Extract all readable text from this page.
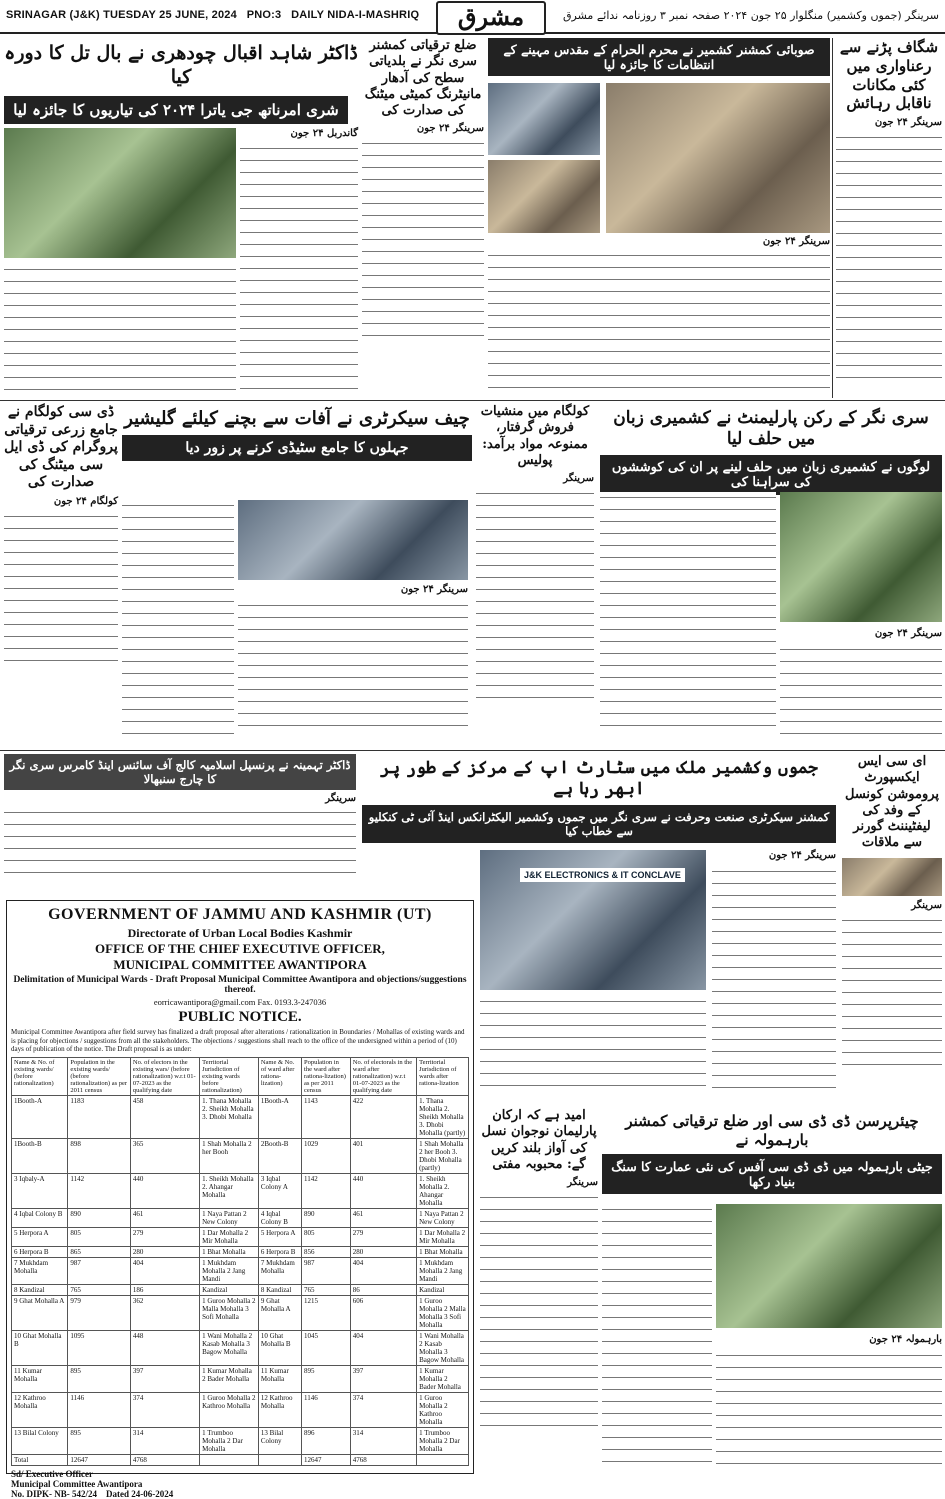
SRINAGAR (J&K) TUESDAY 25 JUNE, 2024 PNO:3 DAILY NIDA-I-MASHRIQ	مشرق	سرینگر (جموں وکشمیر) منگلوار ۲۵ جون ۲۰۲۴ صفحہ نمبر ۳ روزنامہ ندائے مشرق
شگاف پڑنے سے رعناواری میں کئی مکانات ناقابل رہائش
سرینگر ۲۴ جون
صوبائی کمشنر کشمیر نے محرم الحرام کے مقدس مہینے کے انتظامات کا جائزہ لیا
سرینگر ۲۴ جون
ضلع ترقیاتی کمشنر سری نگر نے بلدیاتی سطح کی آدھار مانیٹرنگ کمیٹی میٹنگ کی صدارت کی
سرینگر ۲۴ جون
ڈاکٹر شاہد اقبال چودھری نے بال تل کا دورہ کیا
شری امرناتھ جی یاترا ۲۰۲۴ کی تیاریوں کا جائزہ لیا
گاندربل ۲۴ جون
سری نگر کے رکن پارلیمنٹ نے کشمیری زبان میں حلف لیا
لوگوں نے کشمیری زبان میں حلف لینے پر ان کی کوششوں کی سراہنا کی
سرینگر ۲۴ جون
کولگام میں منشیات فروش گرفتار، ممنوعہ مواد برآمد: پولیس
سرینگر
چیف سیکرٹری نے آفات سے بچنے کیلئے گلیشیر
جہلوں کا جامع سٹیڈی کرنے پر زور دیا
سرینگر ۲۴ جون
ڈی سی کولگام نے جامع زرعی ترقیاتی پروگرام کی ڈی ایل سی میٹنگ کی صدارت کی
کولگام ۲۴ جون
ڈاکٹر تہمینہ نے پرنسپل اسلامیہ کالج آف سائنس اینڈ کامرس سری نگر کا چارج سنبھالا
سرینگر
جموں وکشمیر ملک میں سٹارٹ اپ کے مرکز کے طور پر ابھر رہا ہے
کمشنر سیکرٹری صنعت وحرفت نے سری نگر میں جموں وکشمیر الیکٹرانکس اینڈ آئی ٹی کنکلیو سے خطاب کیا
J&K ELECTRONICS & IT CONCLAVE
سرینگر ۲۴ جون
ای سی ایس ایکسپورٹ پروموشن کونسل کے وفد کی لیفٹیننٹ گورنر سے ملاقات
سرینگر
GOVERNMENT OF JAMMU AND KASHMIR (UT)
Directorate of Urban Local Bodies Kashmir
OFFICE OF THE CHIEF EXECUTIVE OFFICER,
MUNICIPAL COMMITTEE AWANTIPORA
Delimitation of Municipal Wards - Draft Proposal Municipal Committee Awantipora and objections/suggestions thereof.
eorricawantipora@gmail.com Fax. 0193.3-247036
PUBLIC NOTICE.
Municipal Committee Awantipora after field survey has finalized a draft proposal after alterations / rationalization in Boundaries / Mohallas of existing wards and is placing for objections / suggestions from all the stakeholders. The objections / suggestions shall reach to the office of the undersigned within a period of (10) days of publication of the notice. The Draft proposal is as under:
Name & No. of existing wards/ (before rationalization)	Population in the existing wards/ (before rationalization) as per 2011 census	No. of electors in the existing wars/ (before rationalization) w.r.t 01-07-2023 as the qualifying date	Territorial Jurisdiction of existing wards before rationalization)	Name & No. of ward after rationa-lization)	Population in the ward after rationa-lization) as per 2011 census	No. of electorals in the ward after rationalization) w.r.t 01-07-2023 as the qualifying date	Territorial Jurisdiction of wards after rationa-lization
1Booth-A	1183	458	1. Thana Mohalla 2. Sheikh Mohalla 3. Dhobi Mohalla	1Booth-A	1143	422	1. Thana Mohalla 2. Sheikh Mohalla 3. Dhobi Mohalla (partly)
1Booth-B	898	365	1 Shah Mohalla 2 her Booh	2Booth-B	1029	401	1 Shah Mohalla 2 her Booh 3. Dhobi Mohalla (partly)
3 Iqbaly-A	1142	440	1. Sheikh Mohalla 2. Ahangar Mohalla	3 Iqbal Colony A	1142	440	1. Sheikh Mohalla 2. Ahangar Mohalla
4 Iqbal Colony B	890	461	1 Naya Pattan 2 New Colony	4 Iqbal Colony B	890	461	1 Naya Pattan 2 New Colony
5 Herpora A	805	279	1 Dar Mohalla 2 Mir Mohalla	5 Herpora A	805	279	1 Dar Mohalla 2 Mir Mohalla
6 Herpora B	865	280	1 Bhat Mohalla	6 Herpora B	856	280	1 Bhat Mohalla
7 Mukhdam Mohalla	987	404	1 Mukhdam Mohalla 2 Jang Mandi	7 Mukhdam Mohalla	987	404	1 Mukhdam Mohalla 2 Jang Mandi
8 Kandizal	765	186	Kandizal	8 Kandizal	765	86	Kandizal
9 Ghat Mohalla A	979	362	1 Guroo Mohalla 2 Malla Mohalla 3 Sofi Mohalla	9 Ghat Mohalla A	1215	606	1 Guroo Mohalla 2 Malla Mohalla 3 Sofi Mohalla
10 Ghat Mohalla B	1095	448	1 Wani Mohalla 2 Kasab Mohalla 3 Bagow Mohalla	10 Ghat Mohalla B	1045	404	1 Wani Mohalla 2 Kasab Mohalla 3 Bagow Mohalla
11 Kumar Mohalla	895	397	1 Kumar Mohalla 2 Bader Mohalla	11 Kumar Mohalla	895	397	1 Kumar Mohalla 2 Bader Mohalla
12 Kathroo Mohalla	1146	374	1 Guroo Mohalla 2 Kathroo Mohalla	12 Kathroo Mohalla	1146	374	1 Guroo Mohalla 2 Kathroo Mohalla
13 Bilal Colony	895	314	1 Trumboo Mohalla 2 Dar Mohalla	13 Bilal Colony	896	314	1 Trumboo Mohalla 2 Dar Mohalla
Total	12647	4768			12647	4768	
Sd/ Executive Officer
Municipal Committee Awantipora
No. DIPK- NB- 542/24 Dated 24-06-2024
امید ہے کہ ارکان پارلیمان نوجوان نسل کی آواز بلند کریں گے: محبوبہ مفتی
سرینگر
چیئرپرسن ڈی ڈی سی اور ضلع ترقیاتی کمشنر بارہمولہ نے
جیٹی بارہمولہ میں ڈی ڈی سی آفس کی نئی عمارت کا سنگ بنیاد رکھا
بارہمولہ ۲۴ جون
